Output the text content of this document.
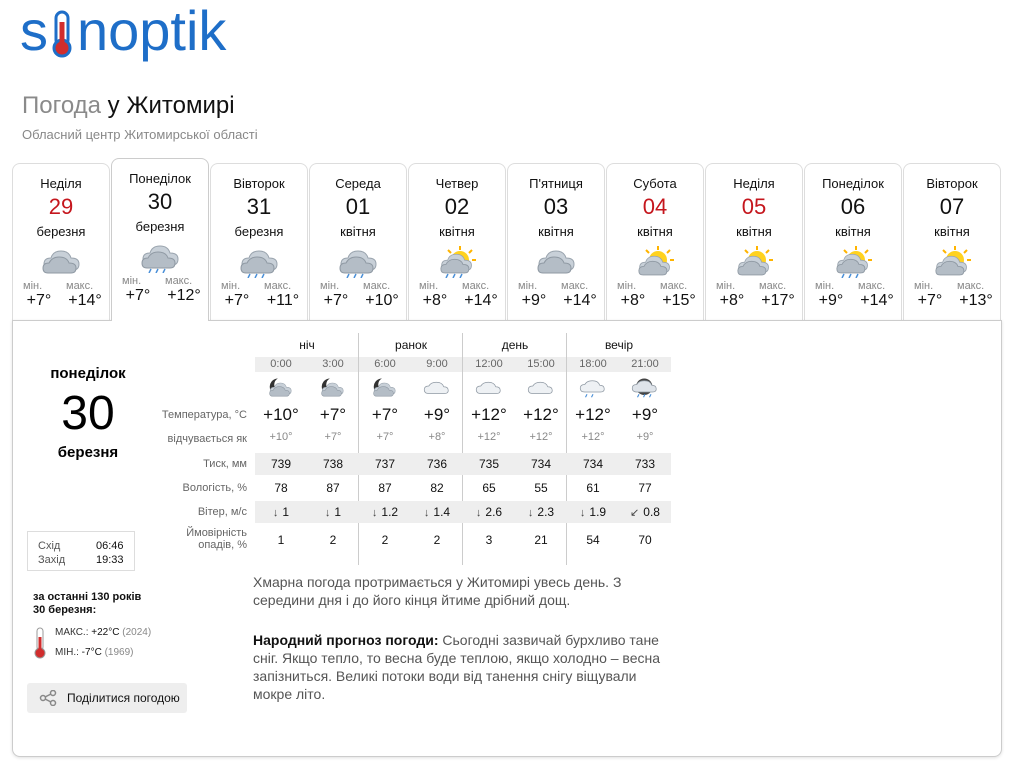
s noptik
Погода у Житомирі
Обласний центр Житомирської області
Неділя
29
березня
мін. макс.
+7°	+14°
Понеділок
30
березня
мін. макс.
+7°	+12°
Вівторок
31
березня
мін. макс.
+7°	+11°
Середа
01
квітня
мін. макс.
+7°	+10°
Четвер
02
квітня
мін. макс.
+8°	+14°
П'ятниця
03
квітня
мін. макс.
+9°	+14°
Субота
04
квітня
мін. макс.
+8°	+15°
Неділя
05
квітня
мін. макс.
+8°	+17°
Понеділок
06
квітня
мін. макс.
+9°	+14°
Вівторок
07
квітня
мін. макс.
+7°	+13°
понеділок
30
березня
Схід	06:46
Захід	19:33
за останні 130 років
30 березня:
МАКС.: +22°C (2024)
МІН.: -7°C (1969)
Поділитися погодою
ніч	ранок	день	вечір
0:00	3:00	6:00	9:00	12:00	15:00	18:00	21:00
Температура, °C +10°	+7°	+7°	+9°	+12° +12° +12°	+9°
відчувається як	+10°	+7°	+7°	+8°	+12°	+12°	+12°	+9°
Тиск, мм	739	738	737	736	735	734	734	733
Вологість, %	78	87	87	82	65	55	61	77
Вітер, м/с	↓ 1	↓ 1	↓ 1.2	↓ 1.4	↓ 2.6	↓ 2.3	↓ 1.9	↙ 0.8
Ймовірність
опадів, %	1	2	2	2	3	21	54	70
Хмарна погода протримається у Житомирі увесь день. З середини дня і до його кінця йтиме дрібний дощ.
Народний прогноз погоди: Сьогодні зазвичай бурхливо тане сніг. Якщо тепло, то весна буде теплою, якщо холодно – весна запізниться. Великі потоки води від танення снігу віщували мокре літо.
